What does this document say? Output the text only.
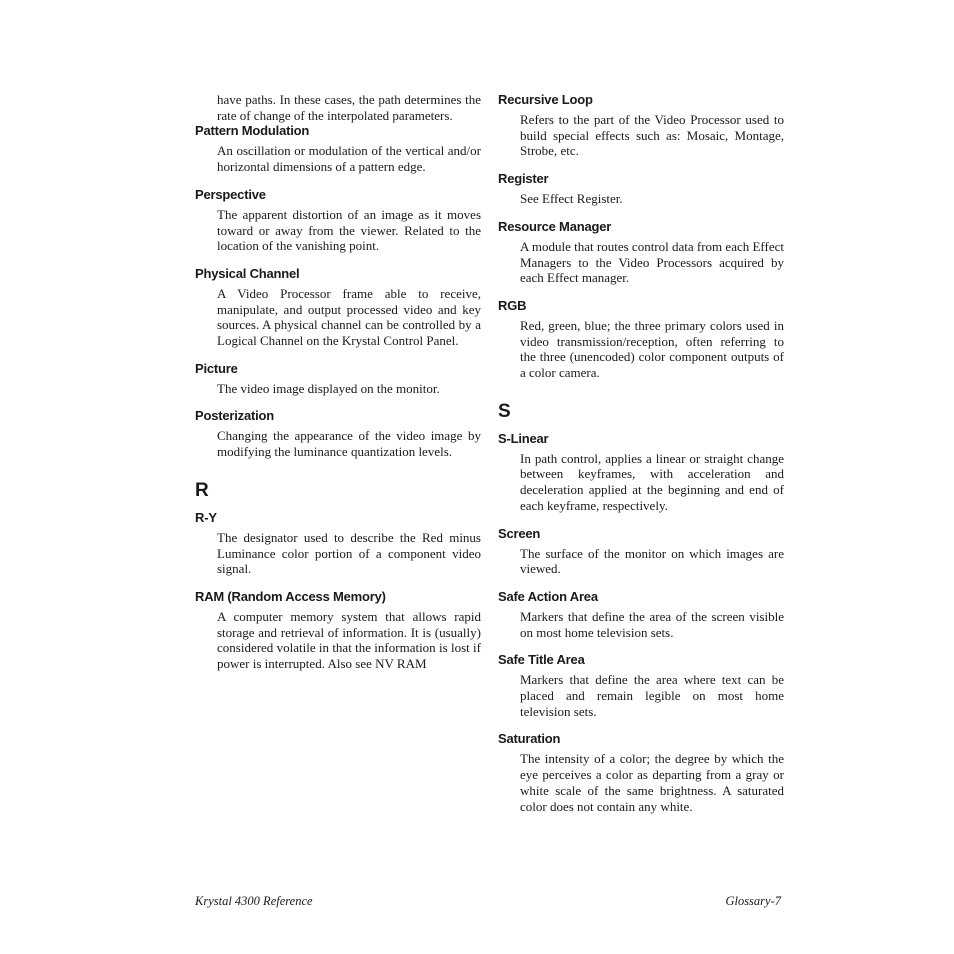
have paths. In these cases, the path determines the rate of change of the interpolated parameters.

Pattern Modulation

An oscillation or modulation of the vertical and/or horizontal dimensions of a pattern edge.

Perspective

The apparent distortion of an image as it moves toward or away from the viewer. Related to the location of the vanishing point.

Physical Channel

A Video Processor frame able to receive, manipulate, and output processed video and key sources. A physical channel can be controlled by a Logical Channel on the Krystal Control Panel.

Picture

The video image displayed on the monitor.

Posterization

Changing the appearance of the video image by modifying the luminance quantization levels.

R
R-Y

The designator used to describe the Red minus Luminance color portion of a component video signal.

RAM (Random Access Memory)

A computer memory system that allows rapid storage and retrieval of information. It is (usually) considered volatile in that the information is lost if power is interrupted. Also see NV RAM

Recursive Loop

Refers to the part of the Video Processor used to build special effects such as: Mosaic, Montage, Strobe, etc.

Register

See Effect Register.

Resource Manager

A module that routes control data from each Effect Managers to the Video Processors acquired by each Effect manager.

RGB

Red, green, blue; the three primary colors used in video transmission/reception, often referring to the three (unencoded) color component outputs of a color camera.

S
S-Linear

In path control, applies a linear or straight change between keyframes, with acceleration and deceleration applied at the beginning and end of each keyframe, respectively.

Screen

The surface of the monitor on which images are viewed.

Safe Action Area

Markers that define the area of the screen visible on most home television sets.

Safe Title Area

Markers that define the area where text can be placed and remain legible on most home television sets.

Saturation

The intensity of a color; the degree by which the eye perceives a color as departing from a gray or white scale of the same brightness. A saturated color does not contain any white.

Krystal 4300 Reference	Glossary-7
